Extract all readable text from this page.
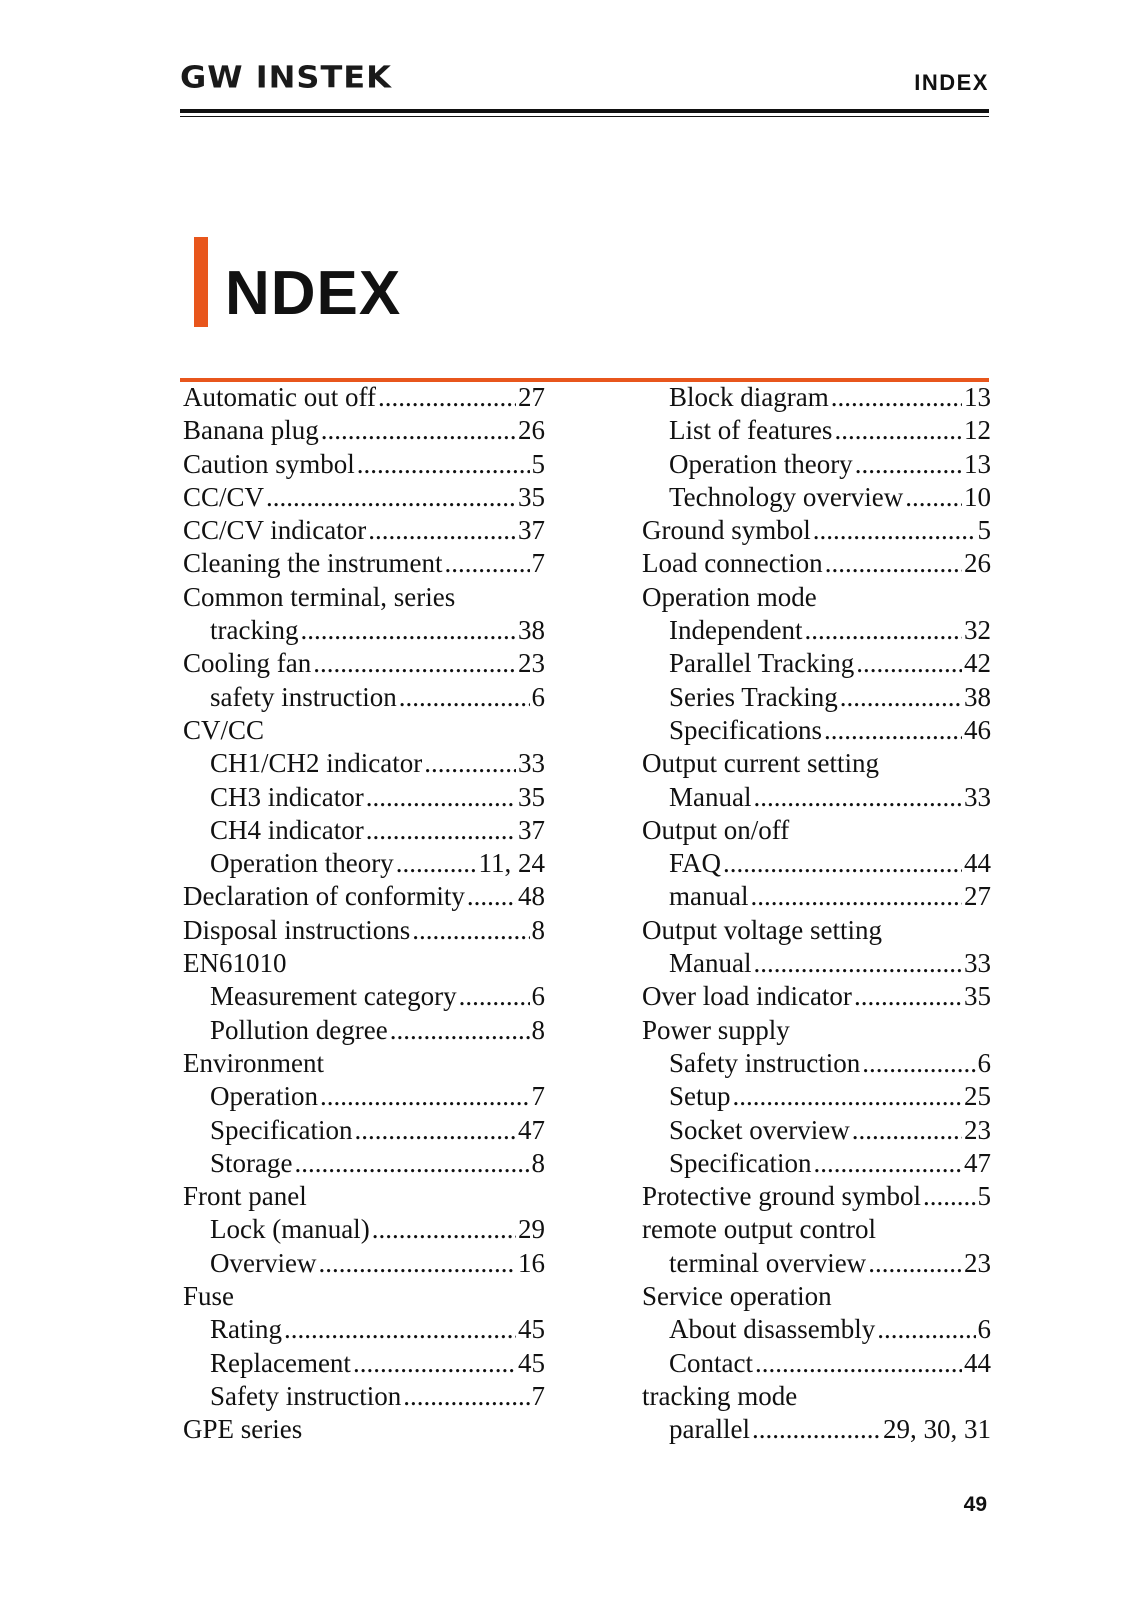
GW INSTEK	INDEX
NDEX
Automatic out off .....	27
Banana plug .....	26
Caution symbol .....	5
CC/CV .....	35
CC/CV indicator .....	37
Cleaning the instrument .....	7
Common terminal, series
tracking .....	38
Cooling fan .....	23
safety instruction .....	6
CV/CC
CH1/CH2 indicator .....	33
CH3 indicator .....	35
CH4 indicator .....	37
Operation theory .....	11, 24
Declaration of conformity ..... 48
Disposal instructions .....	8
EN61010
Measurement category .....	6
Pollution degree .....	8
Environment
Operation .....	7
Specification .....	47
Storage .....	8
Front panel
Lock (manual) .....	29
Overview .....	16
Fuse
Rating .....	45
Replacement .....	45
Safety instruction .....	7
GPE series
Block diagram .....	13
List of features .....	12
Operation theory .....	13
Technology overview ..... 10
Ground symbol .....	5
Load connection .....	26
Operation mode
Independent .....	32
Parallel Tracking .....	42
Series Tracking .....	38
Specifications .....	46
Output current setting
Manual .....	33
Output on/off
FAQ .....	44
manual .....	27
Output voltage setting
Manual .....	33
Over load indicator .....	35
Power supply
Safety instruction .....	6
Setup .....	25
Socket overview .....	23
Specification .....	47
Protective ground symbol ..... 5
remote output control
terminal overview .....	23
Service operation
About disassembly .....	6
Contact .....	44
tracking mode
parallel .....	29, 30, 31
49
